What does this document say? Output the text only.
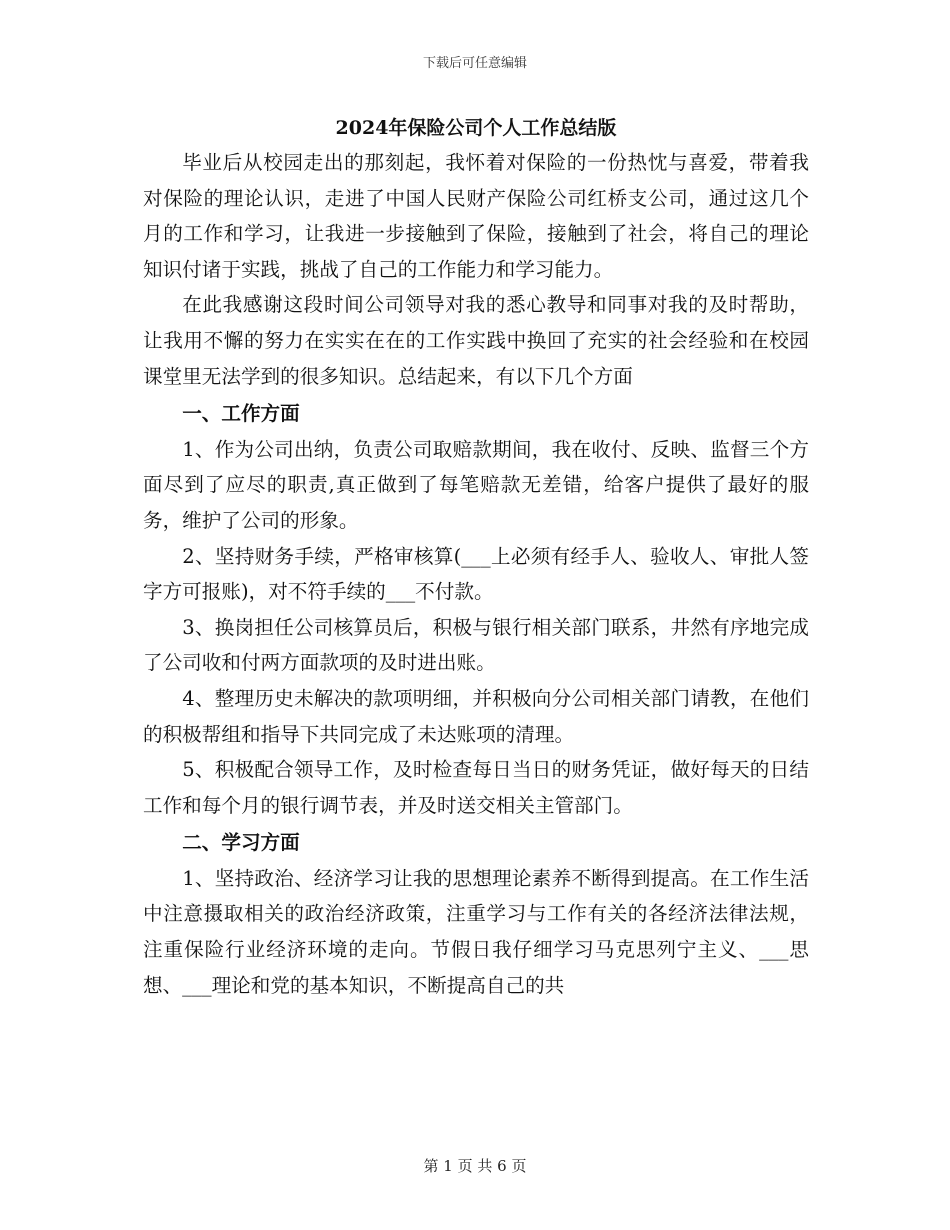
下载后可任意编辑
2024年保险公司个人工作总结版

毕业后从校园走出的那刻起，我怀着对保险的一份热忱与喜爱，带着我对保险的理论认识，走进了中国人民财产保险公司红桥支公司，通过这几个月的工作和学习，让我进一步接触到了保险，接触到了社会，将自己的理论知识付诸于实践，挑战了自己的工作能力和学习能力。

在此我感谢这段时间公司领导对我的悉心教导和同事对我的及时帮助，让我用不懈的努力在实实在在的工作实践中换回了充实的社会经验和在校园课堂里无法学到的很多知识。总结起来，有以下几个方面

一、工作方面

1、作为公司出纳，负责公司取赔款期间，我在收付、反映、监督三个方面尽到了应尽的职责,真正做到了每笔赔款无差错，给客户提供了最好的服务，维护了公司的形象。

2、坚持财务手续，严格审核算(___上必须有经手人、验收人、审批人签字方可报账)，对不符手续的___不付款。

3、换岗担任公司核算员后，积极与银行相关部门联系，井然有序地完成了公司收和付两方面款项的及时进出账。

4、整理历史未解决的款项明细，并积极向分公司相关部门请教，在他们的积极帮组和指导下共同完成了未达账项的清理。

5、积极配合领导工作，及时检查每日当日的财务凭证，做好每天的日结工作和每个月的银行调节表，并及时送交相关主管部门。

二、学习方面

1、坚持政治、经济学习让我的思想理论素养不断得到提高。在工作生活中注意摄取相关的政治经济政策，注重学习与工作有关的各经济法律法规，注重保险行业经济环境的走向。节假日我仔细学习马克思列宁主义、___思想、___理论和党的基本知识，不断提高自己的共

第 1 页 共 6 页
